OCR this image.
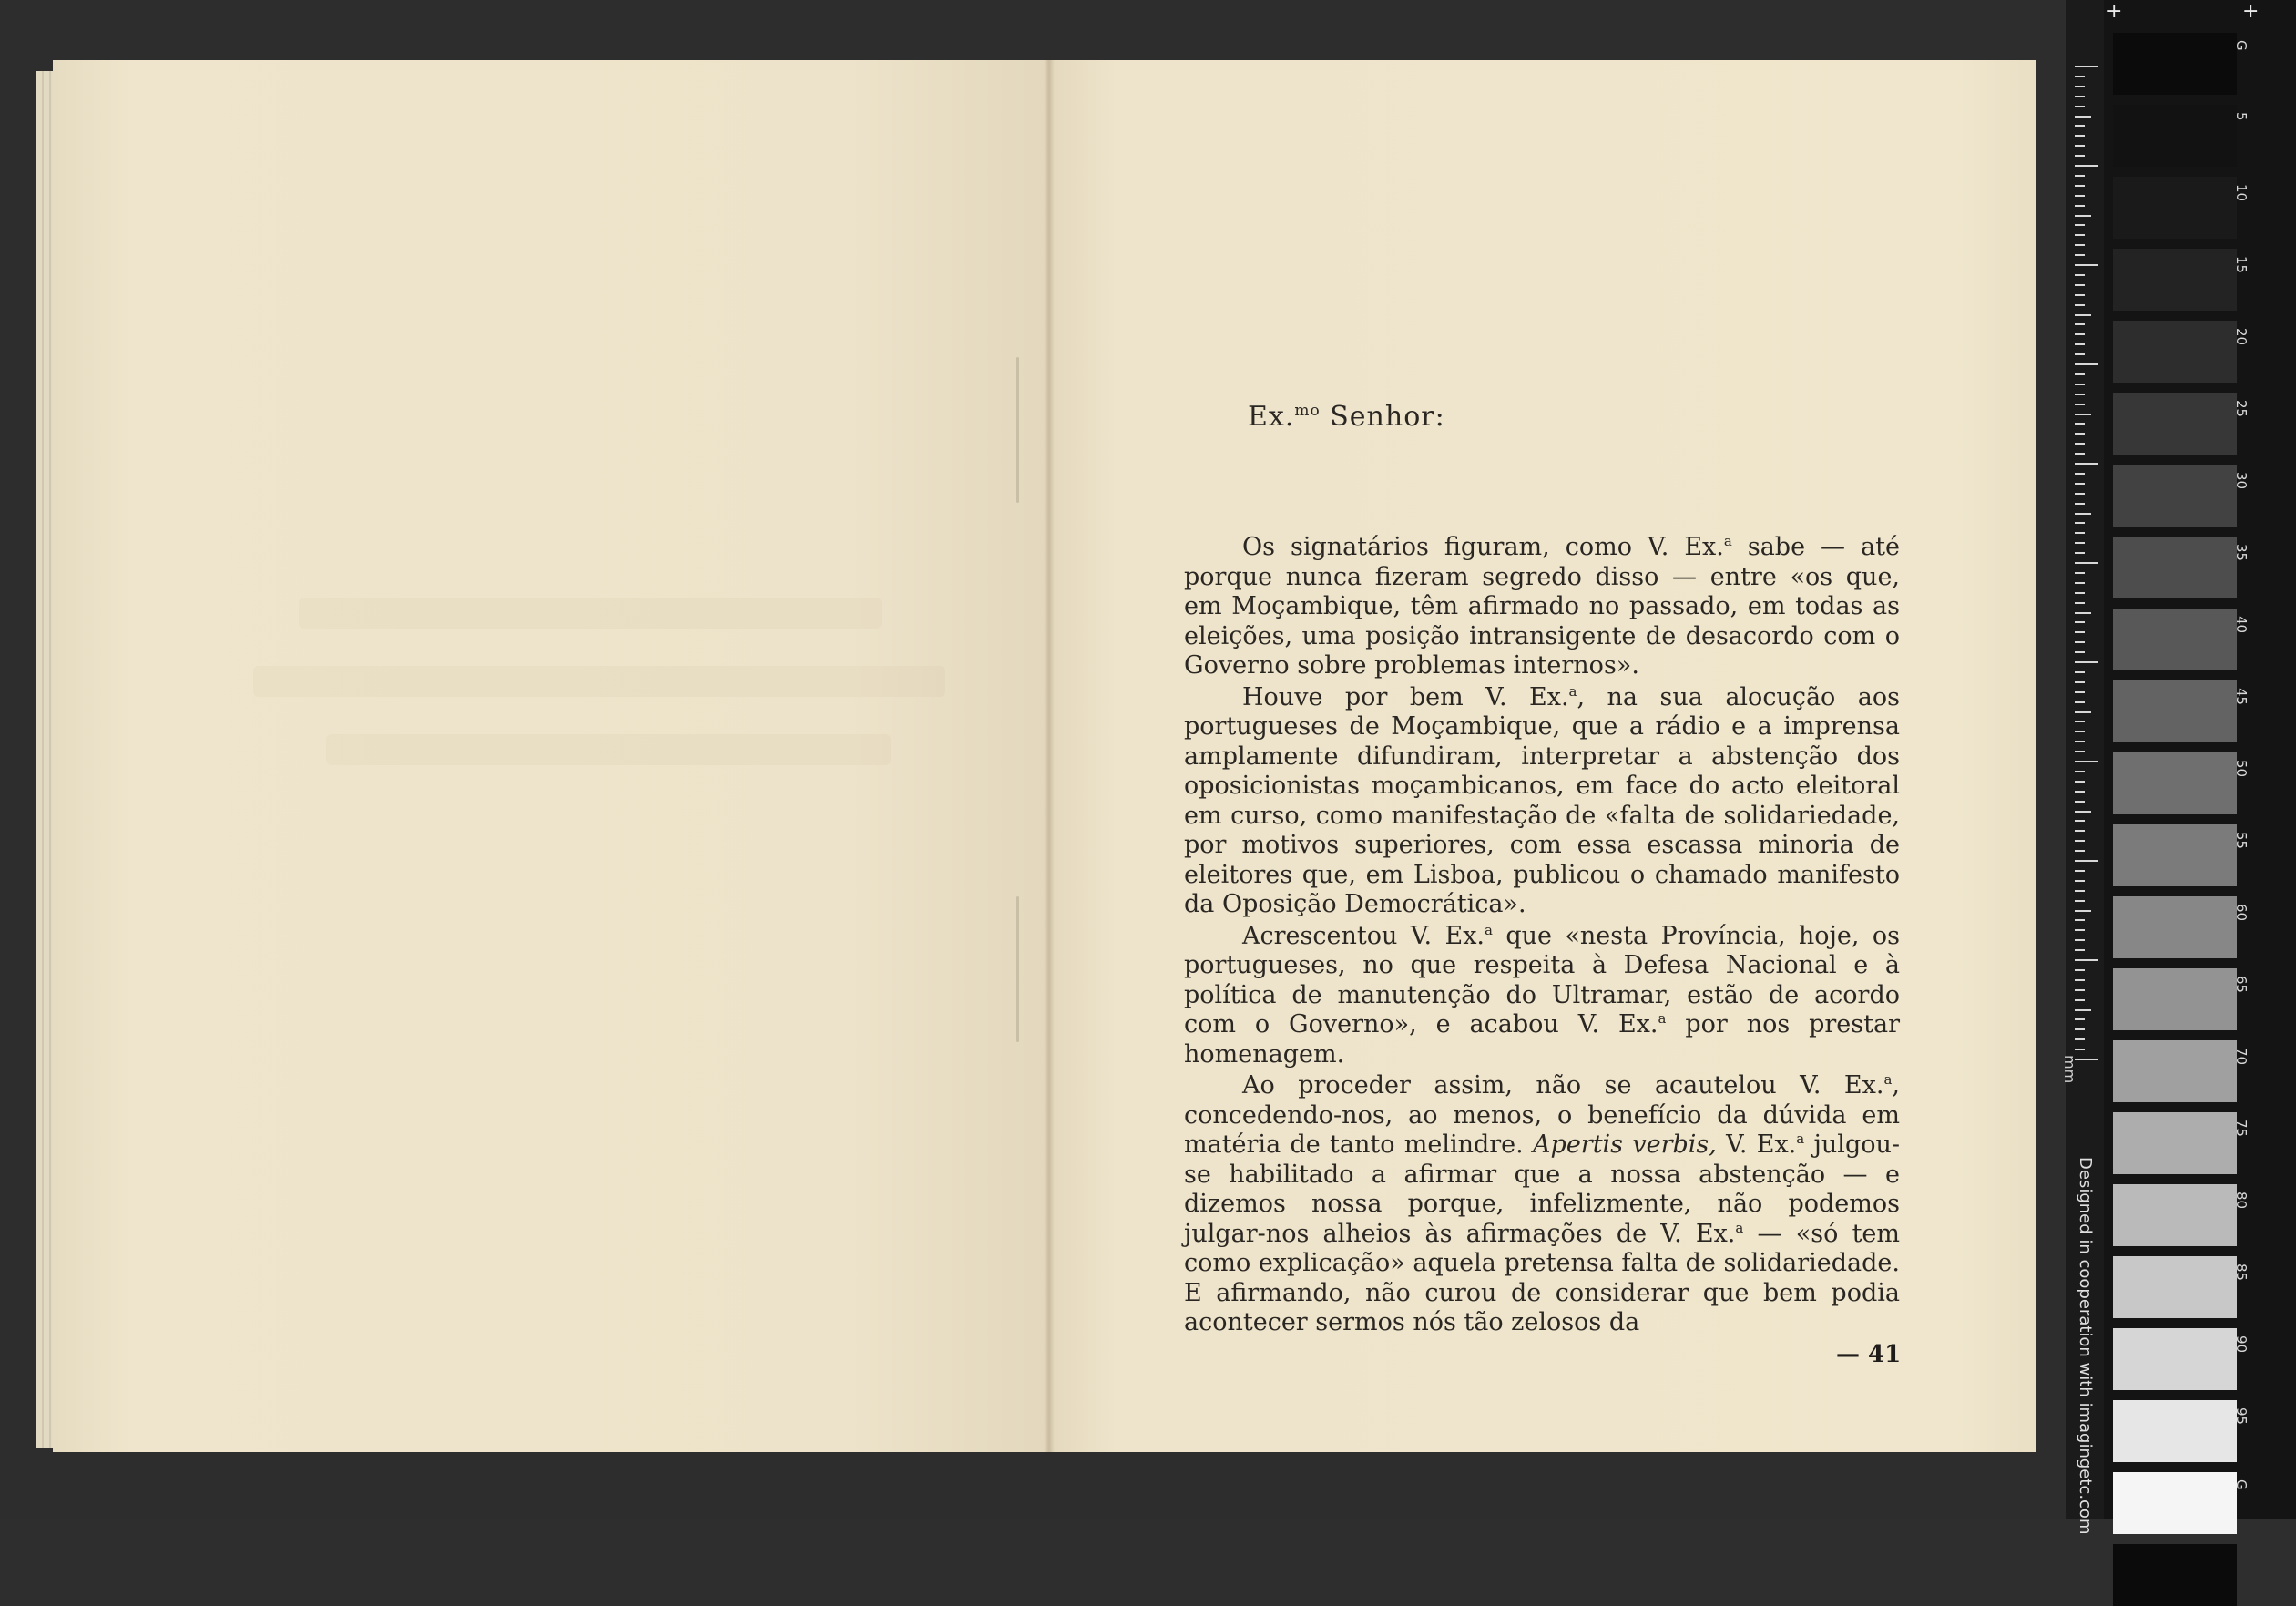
Ex.$^{mo}$ Senhor:

Os signatários figuram, como V. Ex.$^a$ sabe — até porque nunca fizeram segredo disso — entre «os que, em Moçambique, têm afirmado no passado, em todas as eleições, uma posição intransigente de desacordo com o Governo sobre problemas internos».

Houve por bem V. Ex.$^a$, na sua alocução aos portugueses de Moçambique, que a rádio e a imprensa amplamente difundiram, interpretar a abstenção dos oposicionistas moçambicanos, em face do acto eleitoral em curso, como manifestação de «falta de solidariedade, por motivos superiores, com essa escassa minoria de eleitores que, em Lisboa, publicou o chamado manifesto da Oposição Democrática».

Acrescentou V. Ex.$^a$ que «nesta Província, hoje, os portugueses, no que respeita à Defesa Nacional e à política de manutenção do Ultramar, estão de acordo com o Governo», e acabou V. Ex.$^a$ por nos prestar homenagem.

Ao proceder assim, não se acautelou V. Ex.$^a$, concedendo-nos, ao menos, o benefício da dúvida em matéria de tanto melindre. Apertis verbis, V. Ex.$^a$ julgou-se habilitado a afirmar que a nossa abstenção — e dizemos nossa porque, infelizmente, não podemos julgar-nos alheios às afirmações de V. Ex.$^a$ — «só tem como explicação» aquela pretensa falta de solidariedade. E afirmando, não curou de considerar que bem podia acontecer sermos nós tão zelosos da

— 41
mm
+	+
G
5
10
15
20
25
30
35
40
45
50
55
60
65
70
75
80
85
90
95
G
Designed in cooperation with imagingetc.com
